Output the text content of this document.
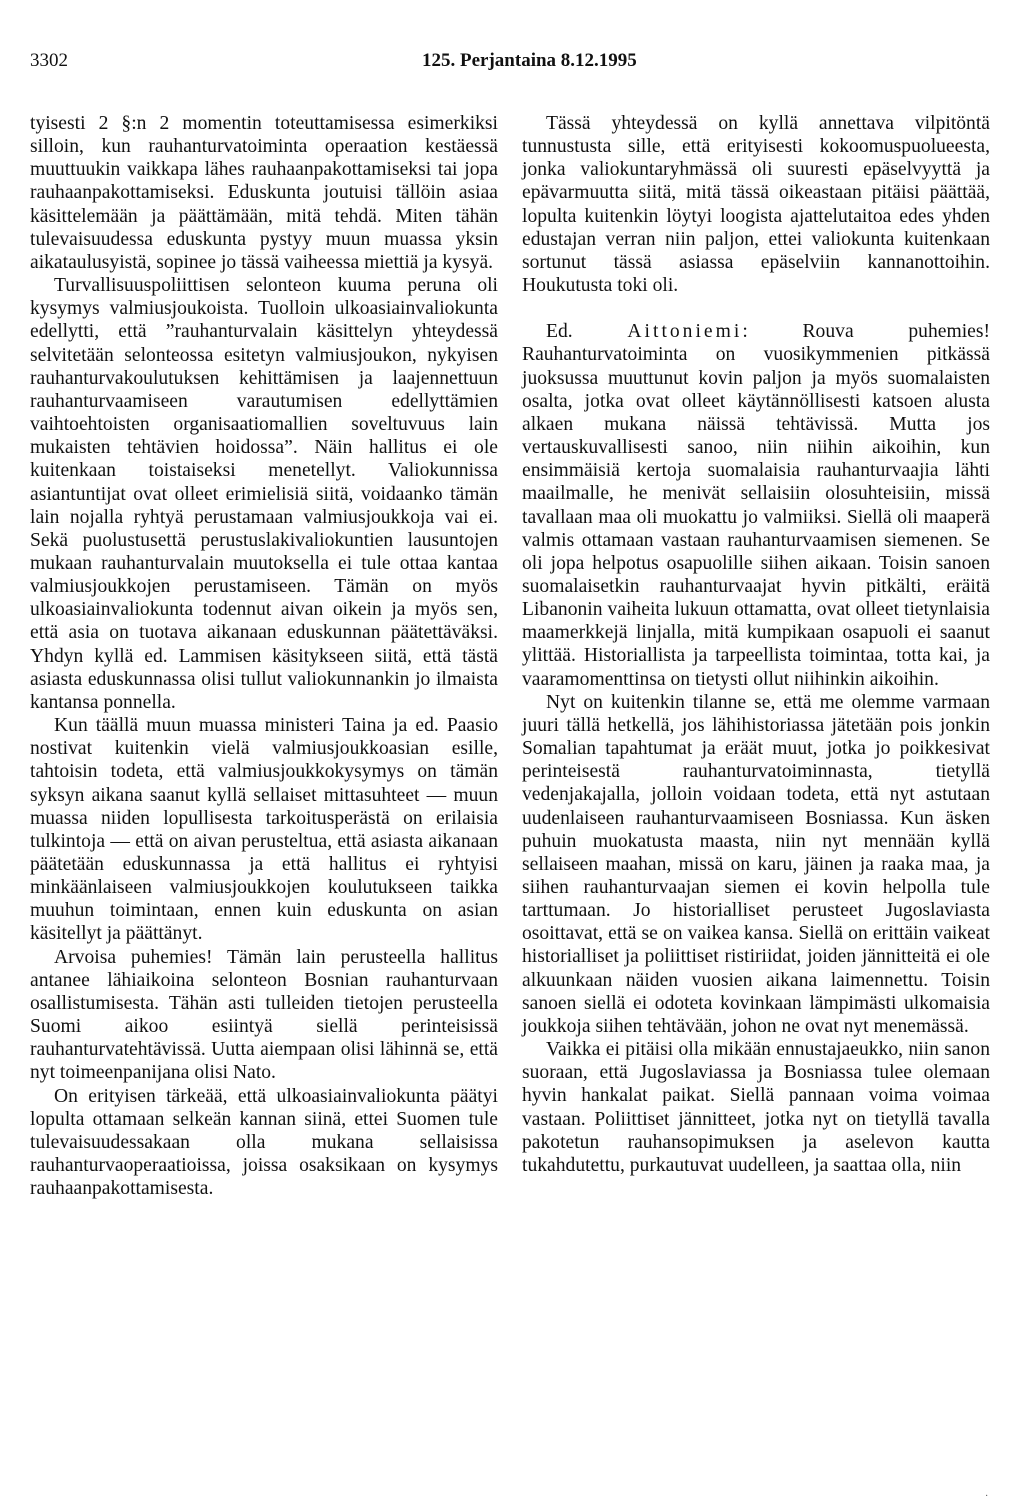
3302	125. Perjantaina 8.12.1995

tyisesti 2 §:n 2 momentin toteuttamisessa esimerkiksi silloin, kun rauhanturvatoiminta operaation kestäessä muuttuukin vaikkapa lähes rauhaanpakottamiseksi tai jopa rauhaanpakottamiseksi. Eduskunta joutuisi tällöin asiaa käsittelemään ja päättämään, mitä tehdä. Miten tähän tulevaisuudessa eduskunta pystyy muun muassa yksin aikataulusyistä, sopinee jo tässä vaiheessa miettiä ja kysyä.

Turvallisuuspoliittisen selonteon kuuma peruna oli kysymys valmiusjoukoista. Tuolloin ulkoasiainvaliokunta edellytti, että ”rauhanturvalain käsittelyn yhteydessä selvitetään selonteossa esitetyn valmiusjoukon, nykyisen rauhanturvakoulutuksen kehittämisen ja laajennettuun rauhanturvaamiseen varautumisen edellyttämien vaihtoehtoisten organisaatiomallien soveltuvuus lain mukaisten tehtävien hoidossa”. Näin hallitus ei ole kuitenkaan toistaiseksi menetellyt. Valiokunnissa asiantuntijat ovat olleet erimielisiä siitä, voidaanko tämän lain nojalla ryhtyä perustamaan valmiusjoukkoja vai ei. Sekä puolustusettä perustuslakivaliokuntien lausuntojen mukaan rauhanturvalain muutoksella ei tule ottaa kantaa valmiusjoukkojen perustamiseen. Tämän on myös ulkoasiainvaliokunta todennut aivan oikein ja myös sen, että asia on tuotava aikanaan eduskunnan päätettäväksi. Yhdyn kyllä ed. Lammisen käsitykseen siitä, että tästä asiasta eduskunnassa olisi tullut valiokunnankin jo ilmaista kantansa ponnella.

Kun täällä muun muassa ministeri Taina ja ed. Paasio nostivat kuitenkin vielä valmiusjoukkoasian esille, tahtoisin todeta, että valmiusjoukkokysymys on tämän syksyn aikana saanut kyllä sellaiset mittasuhteet — muun muassa niiden lopullisesta tarkoitusperästä on erilaisia tulkintoja — että on aivan perusteltua, että asiasta aikanaan päätetään eduskunnassa ja että hallitus ei ryhtyisi minkäänlaiseen valmiusjoukkojen koulutukseen taikka muuhun toimintaan, ennen kuin eduskunta on asian käsitellyt ja päättänyt.

Arvoisa puhemies! Tämän lain perusteella hallitus antanee lähiaikoina selonteon Bosnian rauhanturvaan osallistumisesta. Tähän asti tulleiden tietojen perusteella Suomi aikoo esiintyä siellä perinteisissä rauhanturvatehtävissä. Uutta aiempaan olisi lähinnä se, että nyt toimeenpanijana olisi Nato.

On erityisen tärkeää, että ulkoasiainvaliokunta päätyi lopulta ottamaan selkeän kannan siinä, ettei Suomen tule tulevaisuudessakaan olla mukana sellaisissa rauhanturvaoperaatioissa, joissa osaksikaan on kysymys rauhaanpakottamisesta.

Tässä yhteydessä on kyllä annettava vilpitöntä tunnustusta sille, että erityisesti kokoomuspuolueesta, jonka valiokuntaryhmässä oli suuresti epäselvyyttä ja epävarmuutta siitä, mitä tässä oikeastaan pitäisi päättää, lopulta kuitenkin löytyi loogista ajattelutaitoa edes yhden edustajan verran niin paljon, ettei valiokunta kuitenkaan sortunut tässä asiassa epäselviin kannanottoihin. Houkutusta toki oli.

Ed.	Aittoniemi: Rouva puhemies! Rauhanturvatoiminta on vuosikymmenien pitkässä juoksussa muuttunut kovin paljon ja myös suomalaisten osalta, jotka ovat olleet käytännöllisesti katsoen alusta alkaen mukana näissä tehtävissä. Mutta jos vertauskuvallisesti sanoo, niin niihin aikoihin, kun ensimmäisiä kertoja suomalaisia rauhanturvaajia lähti maailmalle, he menivät sellaisiin olosuhteisiin, missä tavallaan maa oli muokattu jo valmiiksi. Siellä oli maaperä valmis ottamaan vastaan rauhanturvaamisen siemenen. Se oli jopa helpotus osapuolille siihen aikaan. Toisin sanoen suomalaisetkin rauhanturvaajat hyvin pitkälti, eräitä Libanonin vaiheita lukuun ottamatta, ovat olleet tietynlaisia maamerkkejä linjalla, mitä kumpikaan osapuoli ei saanut ylittää. Historiallista ja tarpeellista toimintaa, totta kai, ja vaaramomenttinsa on tietysti ollut niihinkin aikoihin.

Nyt on kuitenkin tilanne se, että me olemme varmaan juuri tällä hetkellä, jos lähihistoriassa jätetään pois jonkin Somalian tapahtumat ja eräät muut, jotka jo poikkesivat perinteisestä rauhanturvatoiminnasta, tietyllä vedenjakajalla, jolloin voidaan todeta, että nyt astutaan uudenlaiseen rauhanturvaamiseen Bosniassa. Kun äsken puhuin muokatusta maasta, niin nyt mennään kyllä sellaiseen maahan, missä on karu, jäinen ja raaka maa, ja siihen rauhanturvaajan siemen ei kovin helpolla tule tarttumaan. Jo historialliset perusteet Jugoslaviasta osoittavat, että se on vaikea kansa. Siellä on erittäin vaikeat historialliset ja poliittiset ristiriidat, joiden jännitteitä ei ole alkuunkaan näiden vuosien aikana laimennettu. Toisin sanoen siellä ei odoteta kovinkaan lämpimästi ulkomaisia joukkoja siihen tehtävään, johon ne ovat nyt menemässä.

Vaikka ei pitäisi olla mikään ennustajaeukko, niin sanon suoraan, että Jugoslaviassa ja Bosniassa tulee olemaan hyvin hankalat paikat. Siellä pannaan voima voimaa vastaan. Poliittiset jännitteet, jotka nyt on tietyllä tavalla pakotetun rauhansopimuksen ja aselevon kautta tukahdutettu, purkautuvat uudelleen, ja saattaa olla, niin

·
